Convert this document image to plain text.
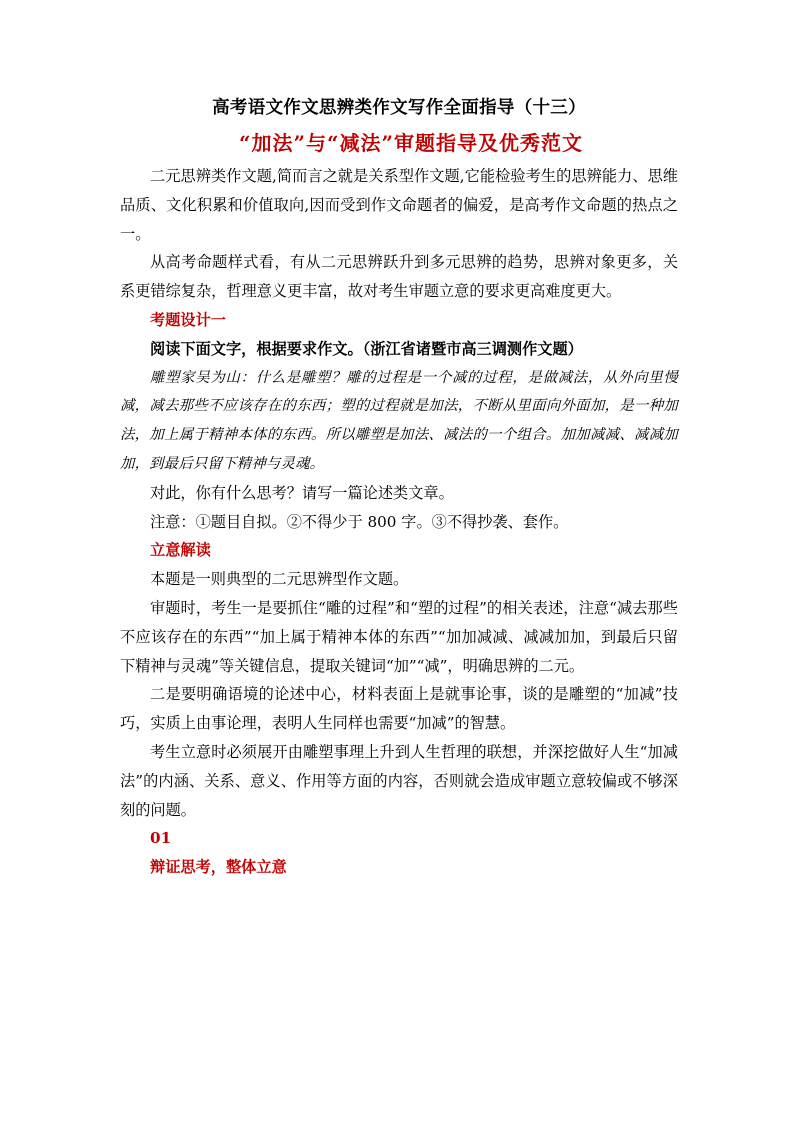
高考语文作文思辨类作文写作全面指导（十三）
“加法”与“减法”审题指导及优秀范文

二元思辨类作文题,简而言之就是关系型作文题,它能检验考生的思辨能力、思维品质、文化积累和价值取向,因而受到作文命题者的偏爱，是高考作文命题的热点之一。

从高考命题样式看，有从二元思辨跃升到多元思辨的趋势，思辨对象更多，关系更错综复杂，哲理意义更丰富，故对考生审题立意的要求更高难度更大。

考题设计一

阅读下面文字，根据要求作文。（浙江省诸暨市高三调测作文题）

雕塑家吴为山：什么是雕塑？雕的过程是一个减的过程，是做减法，从外向里慢减，减去那些不应该存在的东西；塑的过程就是加法，不断从里面向外面加，是一种加法，加上属于精神本体的东西。所以雕塑是加法、减法的一个组合。加加减减、减减加加，到最后只留下精神与灵魂。

对此，你有什么思考？请写一篇论述类文章。

注意：①题目自拟。②不得少于 800 字。③不得抄袭、套作。

立意解读

本题是一则典型的二元思辨型作文题。

审题时，考生一是要抓住“雕的过程”和“塑的过程”的相关表述，注意“减去那些不应该存在的东西”“加上属于精神本体的东西”“加加减减、减减加加，到最后只留下精神与灵魂”等关键信息，提取关键词“加”“减”，明确思辨的二元。

二是要明确语境的论述中心，材料表面上是就事论事，谈的是雕塑的“加减”技巧，实质上由事论理，表明人生同样也需要“加减”的智慧。

考生立意时必须展开由雕塑事理上升到人生哲理的联想，并深挖做好人生“加减法”的内涵、关系、意义、作用等方面的内容，否则就会造成审题立意较偏或不够深刻的问题。

01

辩证思考，整体立意
